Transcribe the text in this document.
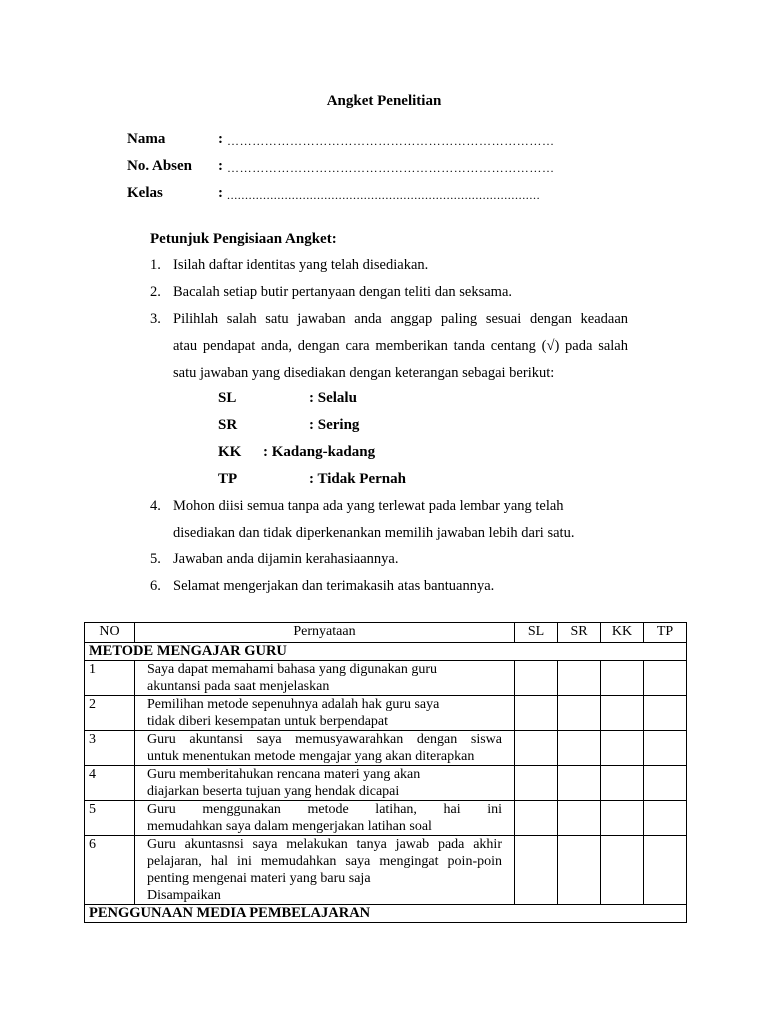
Angket Penelitian
Nama	: ……………………………………………………………………
No. Absen : ……………………………………………………………………
Kelas	: .......................................................................................
Petunjuk Pengisiaan Angket:
1. Isilah daftar identitas yang telah disediakan.
2. Bacalah setiap butir pertanyaan dengan teliti dan seksama.
3. Pilihlah salah satu jawaban anda anggap paling sesuai dengan keadaan
atau pendapat anda, dengan cara memberikan tanda centang (√) pada salah
satu jawaban yang disediakan dengan keterangan sebagai berikut:
SL	: Selalu
SR	: Sering
KK : Kadang-kadang
TP	: Tidak Pernah
4. Mohon diisi semua tanpa ada yang terlewat pada lembar yang telah
disediakan dan tidak diperkenankan memilih jawaban lebih dari satu.
5. Jawaban anda dijamin kerahasiaannya.
6. Selamat mengerjakan dan terimakasih atas bantuannya.
NO	Pernyataan	SL	SR	KK	TP
METODE MENGAJAR GURU					
1	Saya dapat memahami bahasa yang digunakan guru
akuntansi pada saat menjelaskan				

2	Pemilihan metode sepenuhnya adalah hak guru saya
tidak diberi kesempatan untuk berpendapat				

3	Guru akuntansi saya memusyawarahkan dengan siswa
untuk menentukan metode mengajar yang akan diterapkan				

4	Guru memberitahukan rencana materi yang akan
diajarkan beserta tujuan yang hendak dicapai				

5	Guru menggunakan metode latihan, hai ini
memudahkan saya dalam mengerjakan latihan soal				

6	Guru akuntasnsi saya melakukan tanya jawab pada akhir
pelajaran, hal ini memudahkan saya mengingat poin-poin
penting mengenai materi yang baru saja
Disampaikan				

PENGGUNAAN MEDIA PEMBELAJARAN					
